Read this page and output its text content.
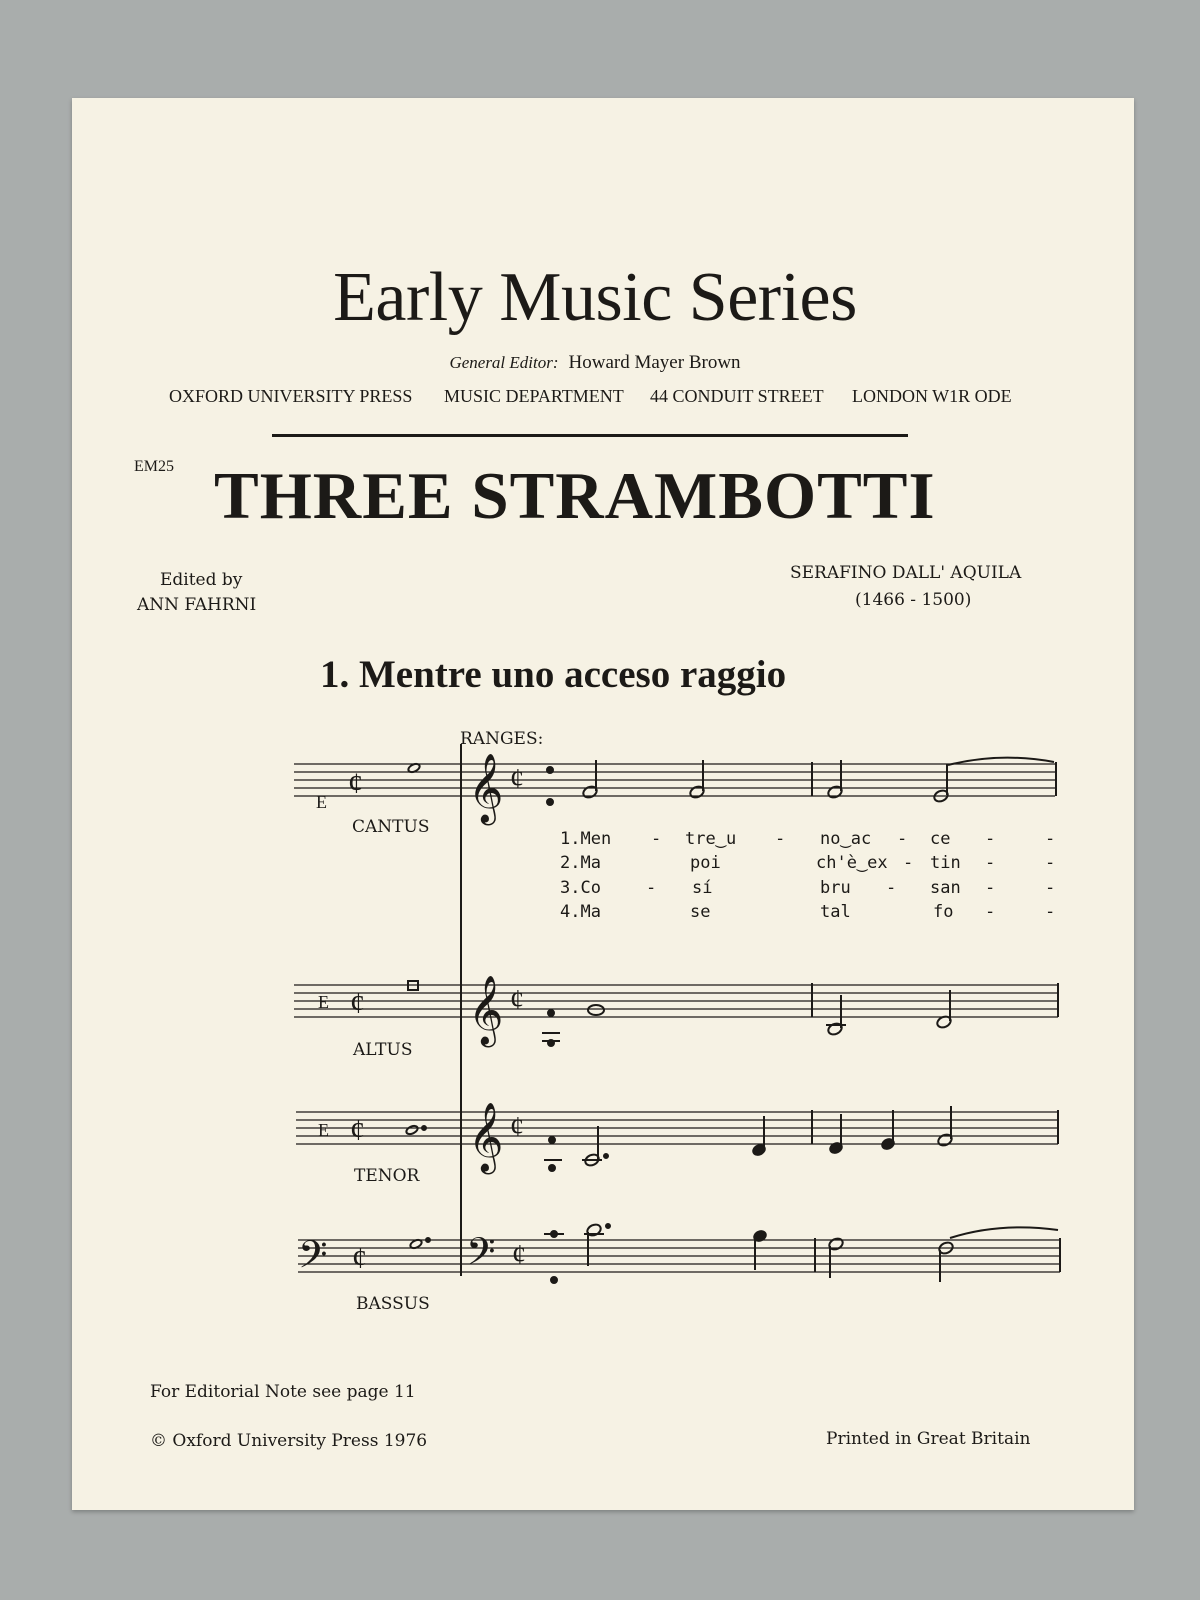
Early Music Series
General Editor: Howard Mayer Brown
OXFORD UNIVERSITY PRESS MUSIC DEPARTMENT 44 CONDUIT STREET LONDON W1R ODE
EM25 THREE STRAMBOTTI
Edited by
ANN FAHRNI
SERAFINO DALL' AQUILA
(1466 - 1500)
1. Mentre uno acceso raggio
RANGES:
E
¢ 𝄞 ¢
E ¢ 𝄞 ¢
E ¢ 𝄞 ¢
𝄢 ¢ 𝄢 ¢
CANTUS
ALTUS
TENOR
BASSUS
1.Men - tre‿u - no‿ac - ce -	-
2.Ma	poi	ch'è‿ex - tin -	-
3.Co	- sí	bru - san -	-
4.Ma	se	tal	fo -	-
For Editorial Note see page 11
© Oxford University Press 1976	Printed in Great Britain
